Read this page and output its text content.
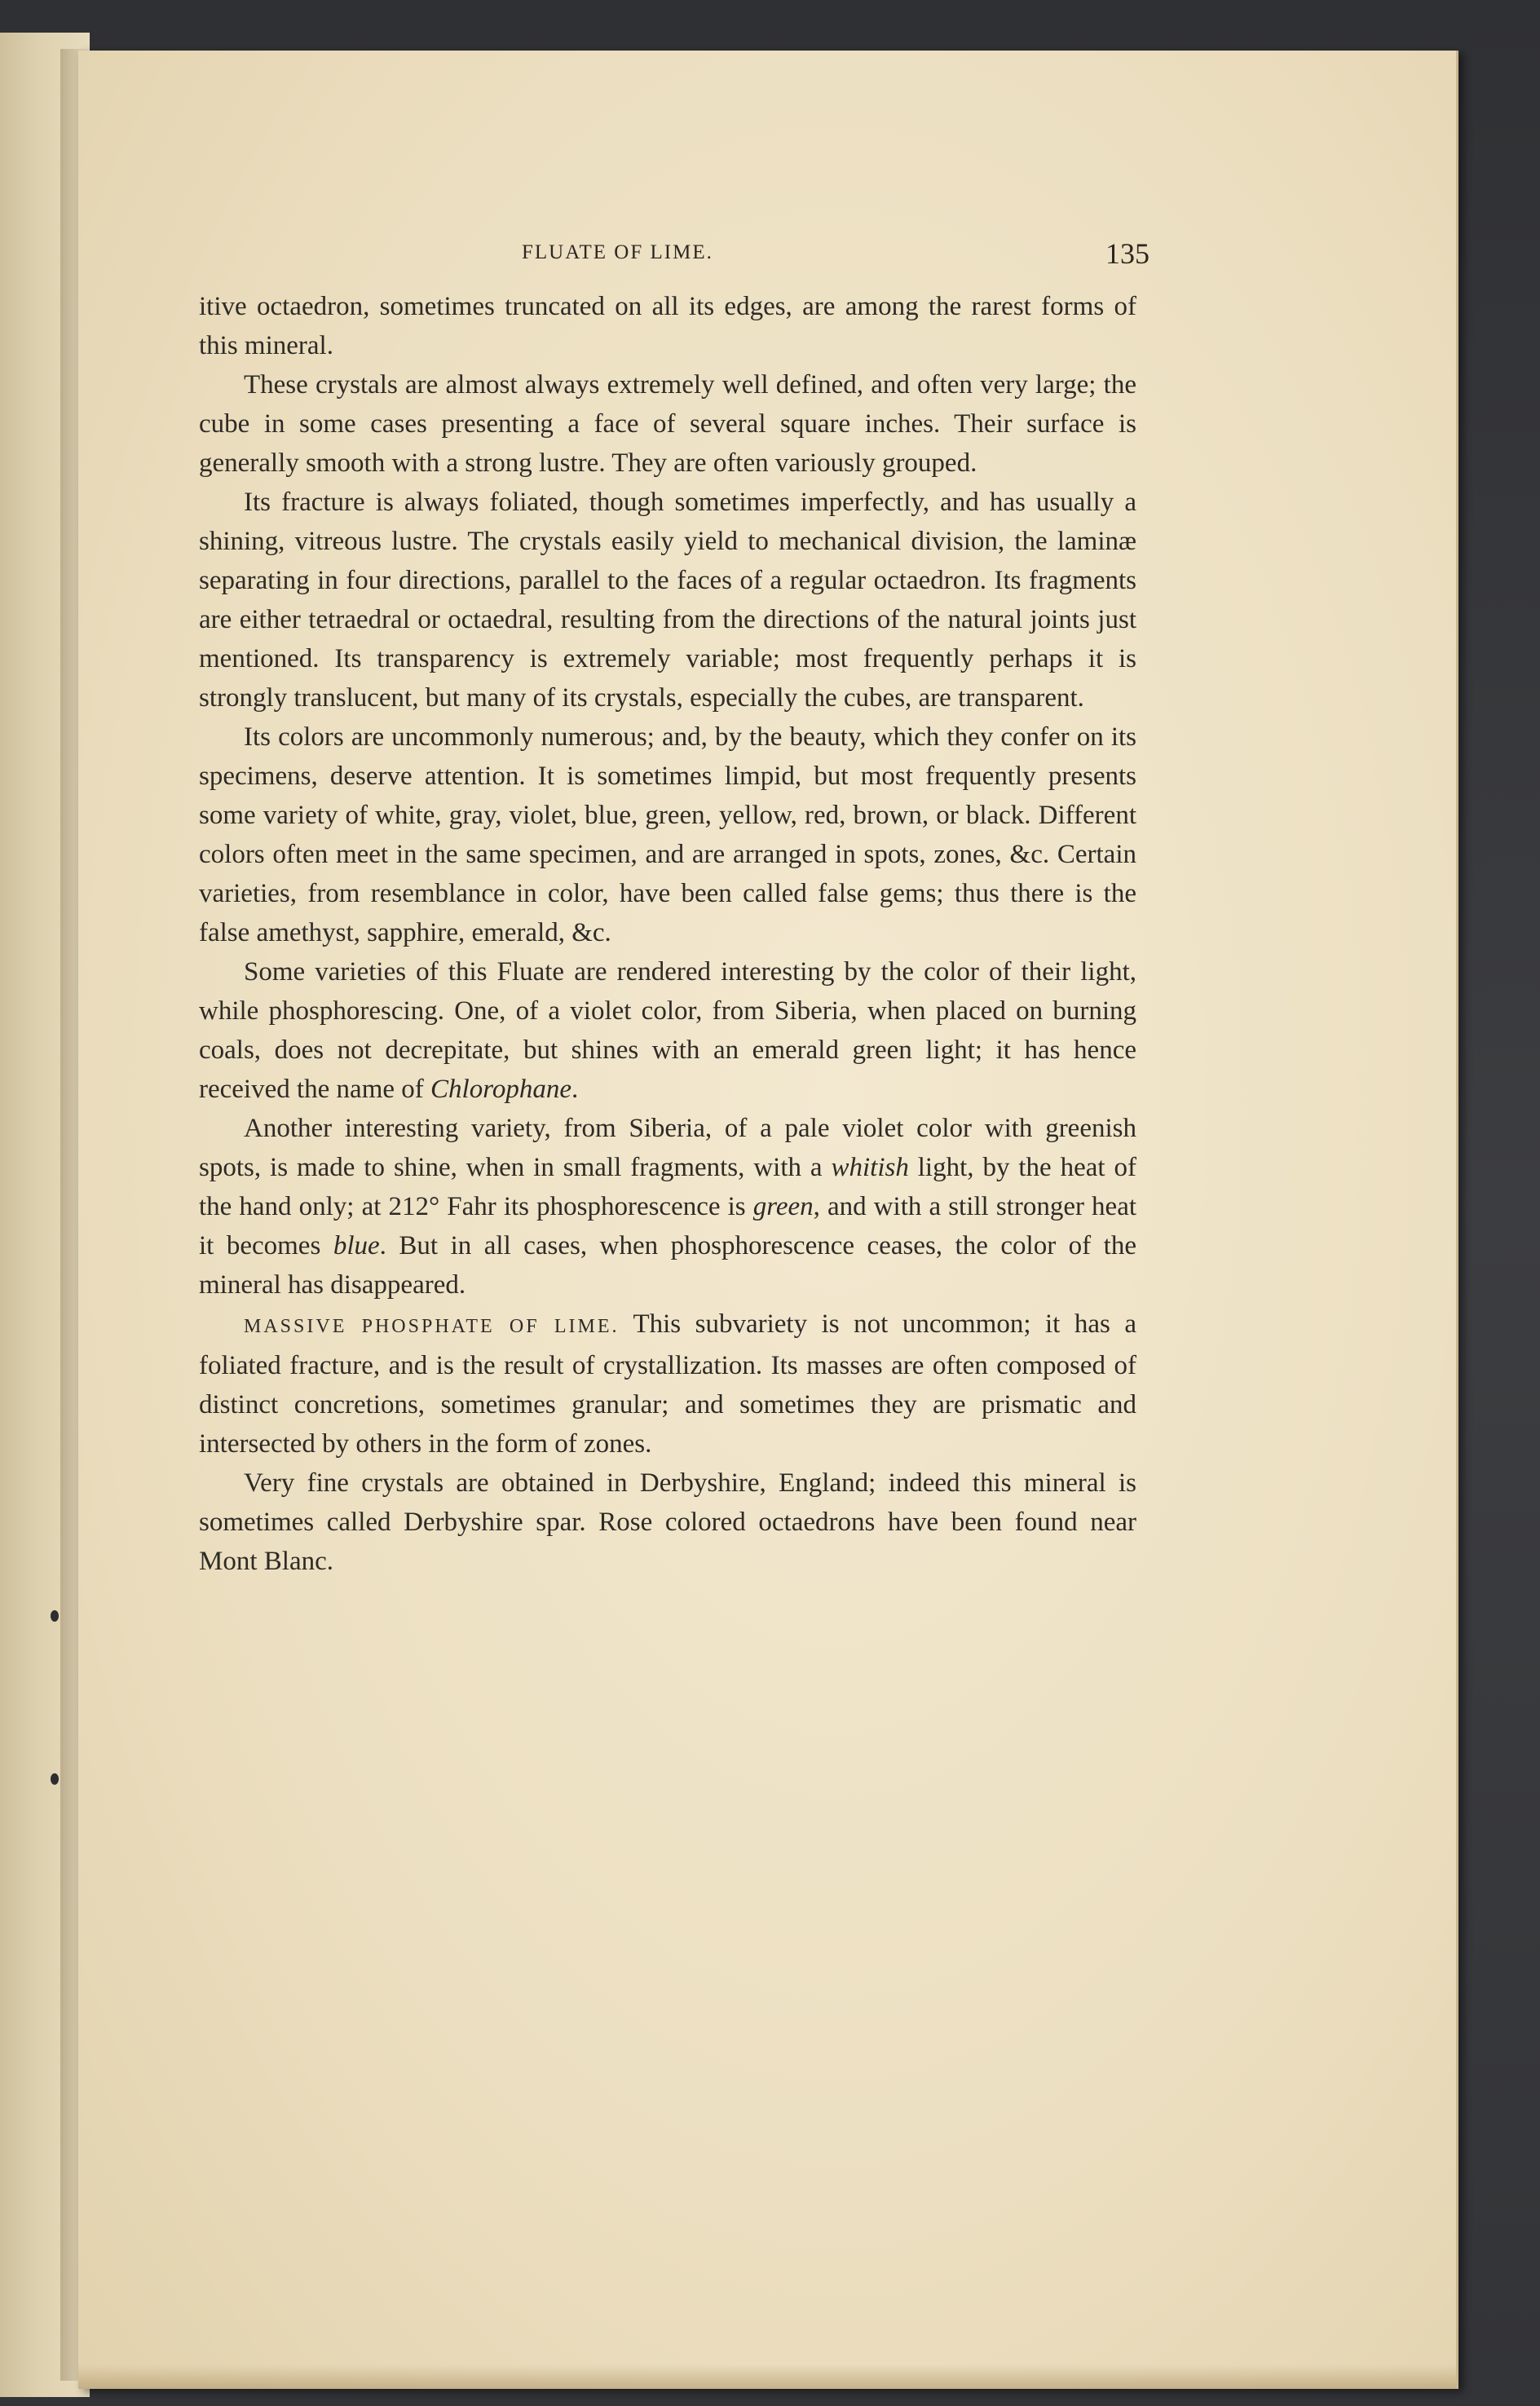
FLUATE OF LIME.	135

itive octaedron, sometimes truncated on all its edges, are among the rarest forms of this mineral.

These crystals are almost always extremely well defined, and often very large; the cube in some cases presenting a face of several square inches. Their surface is generally smooth with a strong lustre. They are often variously grouped.

Its fracture is always foliated, though sometimes imperfectly, and has usually a shining, vitreous lustre. The crystals easily yield to mechanical division, the laminæ separating in four directions, parallel to the faces of a regular octaedron. Its fragments are either tetraedral or octaedral, resulting from the directions of the natural joints just mentioned. Its transparency is extremely variable; most frequently perhaps it is strongly translucent, but many of its crystals, especially the cubes, are transparent.

Its colors are uncommonly numerous; and, by the beauty, which they confer on its specimens, deserve attention. It is sometimes limpid, but most frequently presents some variety of white, gray, violet, blue, green, yellow, red, brown, or black. Different colors often meet in the same specimen, and are arranged in spots, zones, &c. Certain varieties, from resemblance in color, have been called false gems; thus there is the false amethyst, sapphire, emerald, &c.

Some varieties of this Fluate are rendered interesting by the color of their light, while phosphorescing. One, of a violet color, from Siberia, when placed on burning coals, does not decrepitate, but shines with an emerald green light; it has hence received the name of Chlorophane.

Another interesting variety, from Siberia, of a pale violet color with greenish spots, is made to shine, when in small fragments, with a whitish light, by the heat of the hand only; at 212° Fahr its phosphorescence is green, and with a still stronger heat it becomes blue. But in all cases, when phosphorescence ceases, the color of the mineral has disappeared.

MASSIVE PHOSPHATE OF LIME. This subvariety is not uncommon; it has a foliated fracture, and is the result of crystallization. Its masses are often composed of distinct concretions, sometimes granular; and sometimes they are prismatic and intersected by others in the form of zones.

Very fine crystals are obtained in Derbyshire, England; indeed this mineral is sometimes called Derbyshire spar. Rose colored octaedrons have been found near Mont Blanc.
